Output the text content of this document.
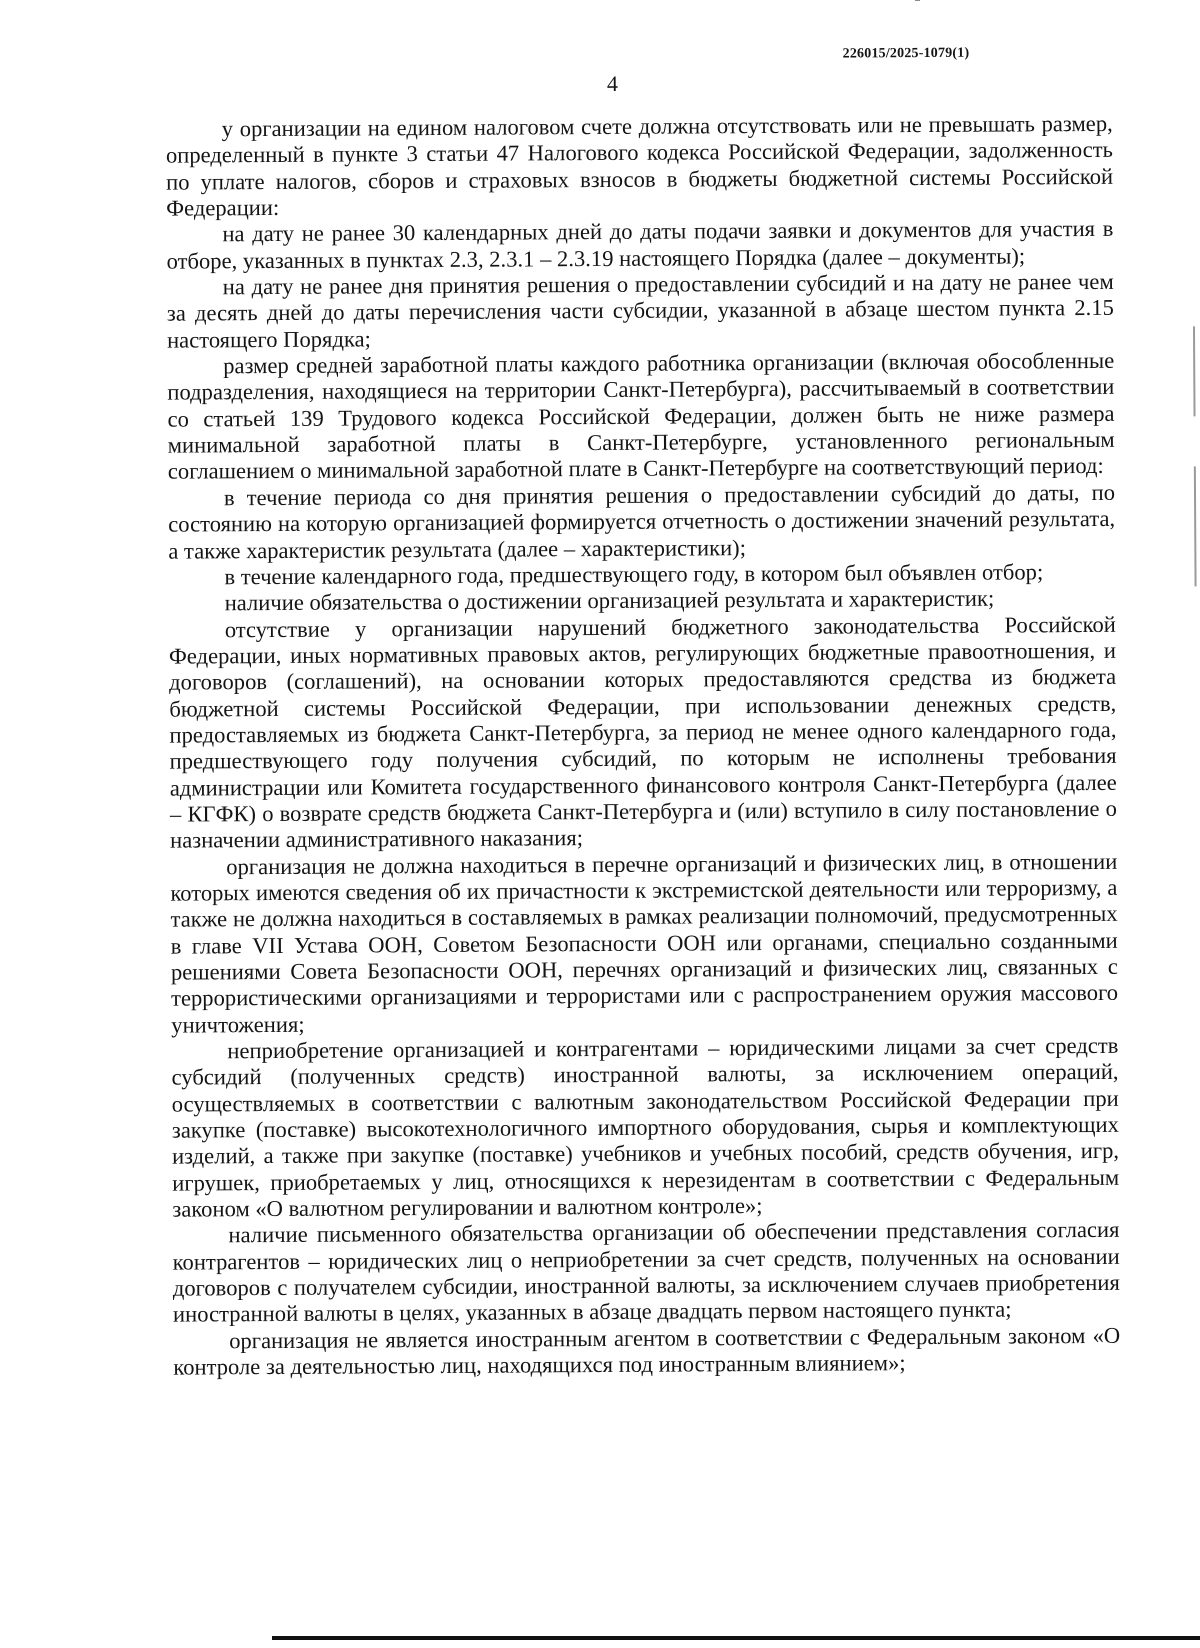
226015/2025-1079(1)
4

у организации на едином налоговом счете должна отсутствовать или не превышать размер, определенный в пункте 3 статьи 47 Налогового кодекса Российской Федерации, задолженность по уплате налогов, сборов и страховых взносов в бюджеты бюджетной системы Российской Федерации:

на дату не ранее 30 календарных дней до даты подачи заявки и документов для участия в отборе, указанных в пунктах 2.3, 2.3.1 – 2.3.19 настоящего Порядка (далее – документы);

на дату не ранее дня принятия решения о предоставлении субсидий и на дату не ранее чем за десять дней до даты перечисления части субсидии, указанной в абзаце шестом пункта 2.15 настоящего Порядка;

размер средней заработной платы каждого работника организации (включая обособленные подразделения, находящиеся на территории Санкт-Петербурга), рассчитываемый в соответствии со статьей 139 Трудового кодекса Российской Федерации, должен быть не ниже размера минимальной заработной платы в Санкт-Петербурге, установленного региональным соглашением о минимальной заработной плате в Санкт-Петербурге на соответствующий период:

в течение периода со дня принятия решения о предоставлении субсидий до даты, по состоянию на которую организацией формируется отчетность о достижении значений результата, а также характеристик результата (далее – характеристики);

в течение календарного года, предшествующего году, в котором был объявлен отбор;

наличие обязательства о достижении организацией результата и характеристик;

отсутствие у организации нарушений бюджетного законодательства Российской Федерации, иных нормативных правовых актов, регулирующих бюджетные правоотношения, и договоров (соглашений), на основании которых предоставляются средства из бюджета бюджетной системы Российской Федерации, при использовании денежных средств, предоставляемых из бюджета Санкт-Петербурга, за период не менее одного календарного года, предшествующего году получения субсидий, по которым не исполнены требования администрации или Комитета государственного финансового контроля Санкт-Петербурга (далее – КГФК) о возврате средств бюджета Санкт-Петербурга и (или) вступило в силу постановление о назначении административного наказания;

организация не должна находиться в перечне организаций и физических лиц, в отношении которых имеются сведения об их причастности к экстремистской деятельности или терроризму, а также не должна находиться в составляемых в рамках реализации полномочий, предусмотренных в главе VII Устава ООН, Советом Безопасности ООН или органами, специально созданными решениями Совета Безопасности ООН, перечнях организаций и физических лиц, связанных с террористическими организациями и террористами или с распространением оружия массового уничтожения;

неприобретение организацией и контрагентами – юридическими лицами за счет средств субсидий (полученных средств) иностранной валюты, за исключением операций, осуществляемых в соответствии с валютным законодательством Российской Федерации при закупке (поставке) высокотехнологичного импортного оборудования, сырья и комплектующих изделий, а также при закупке (поставке) учебников и учебных пособий, средств обучения, игр, игрушек, приобретаемых у лиц, относящихся к нерезидентам в соответствии с Федеральным законом «О валютном регулировании и валютном контроле»;

наличие письменного обязательства организации об обеспечении представления согласия контрагентов – юридических лиц о неприобретении за счет средств, полученных на основании договоров с получателем субсидии, иностранной валюты, за исключением случаев приобретения иностранной валюты в целях, указанных в абзаце двадцать первом настоящего пункта;

организация не является иностранным агентом в соответствии с Федеральным законом «О контроле за деятельностью лиц, находящихся под иностранным влиянием»;
